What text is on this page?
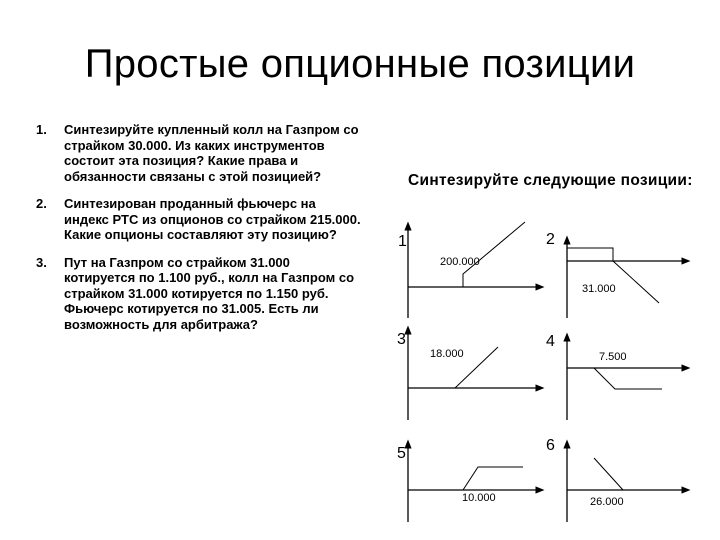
Простые опционные позиции
1. Синтезируйте купленный колл на Газпром со
страйком 30.000. Из каких инструментов
состоит эта позиция? Какие права и
обязанности связаны с этой позицией?
2. Синтезирован проданный фьючерс на
индекс РТС из опционов со страйком 215.000.
Какие опционы составляют эту позицию?
3. Пут на Газпром со страйком 31.000
котируется по 1.100 руб., колл на Газпром со
страйком 31.000 котируется по 1.150 руб.
Фьючерс котируется по 31.005. Есть ли
возможность для арбитража?
Синтезируйте следующие позиции:
1
200.000
2
31.000
3
18.000
4
7.500
5
10.000
6
26.000
